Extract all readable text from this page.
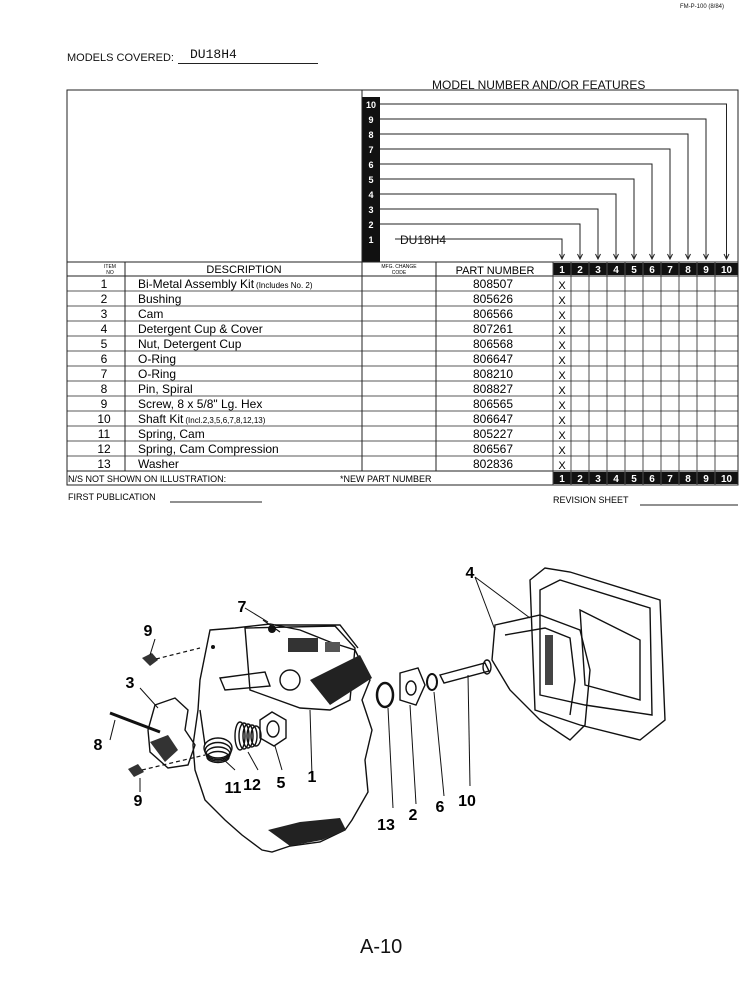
FM-P-100 (8/84)
MODELS COVERED: DU18H4
MODEL NUMBER AND/OR FEATURES
10
9
8
7
6
5
4
3
2
1 DU18H4
ITEM
NO	DESCRIPTION	MFG. CHANGE
CODE	PART NUMBER 1 2 3 4 5 6 7 8 9 10
1	Bi-Metal Assembly Kit (Includes No. 2)	808507	X
2	Bushing	805626	X
3	Cam	806566	X
4	Detergent Cup & Cover	807261	X
5	Nut, Detergent Cup	806568	X
6	O-Ring	806647	X
7	O-Ring	808210	X
8	Pin, Spiral	808827	X
9	Screw, 8 x 5/8" Lg. Hex	806565	X
10 Shaft Kit (Incl.2,3,5,6,7,8,12,13)	806647	X
11 Spring, Cam	805227	X
12 Spring, Cam Compression	806567	X
13 Washer	802836	X
N/S NOT SHOWN ON ILLUSTRATION:	*NEW PART NUMBER	1 2 3 4 5 6 7 8 9 10
FIRST PUBLICATION	REVISION SHEET
4
9
3
8
7
9
11 12 5 1
13
2 6 10
A-10
